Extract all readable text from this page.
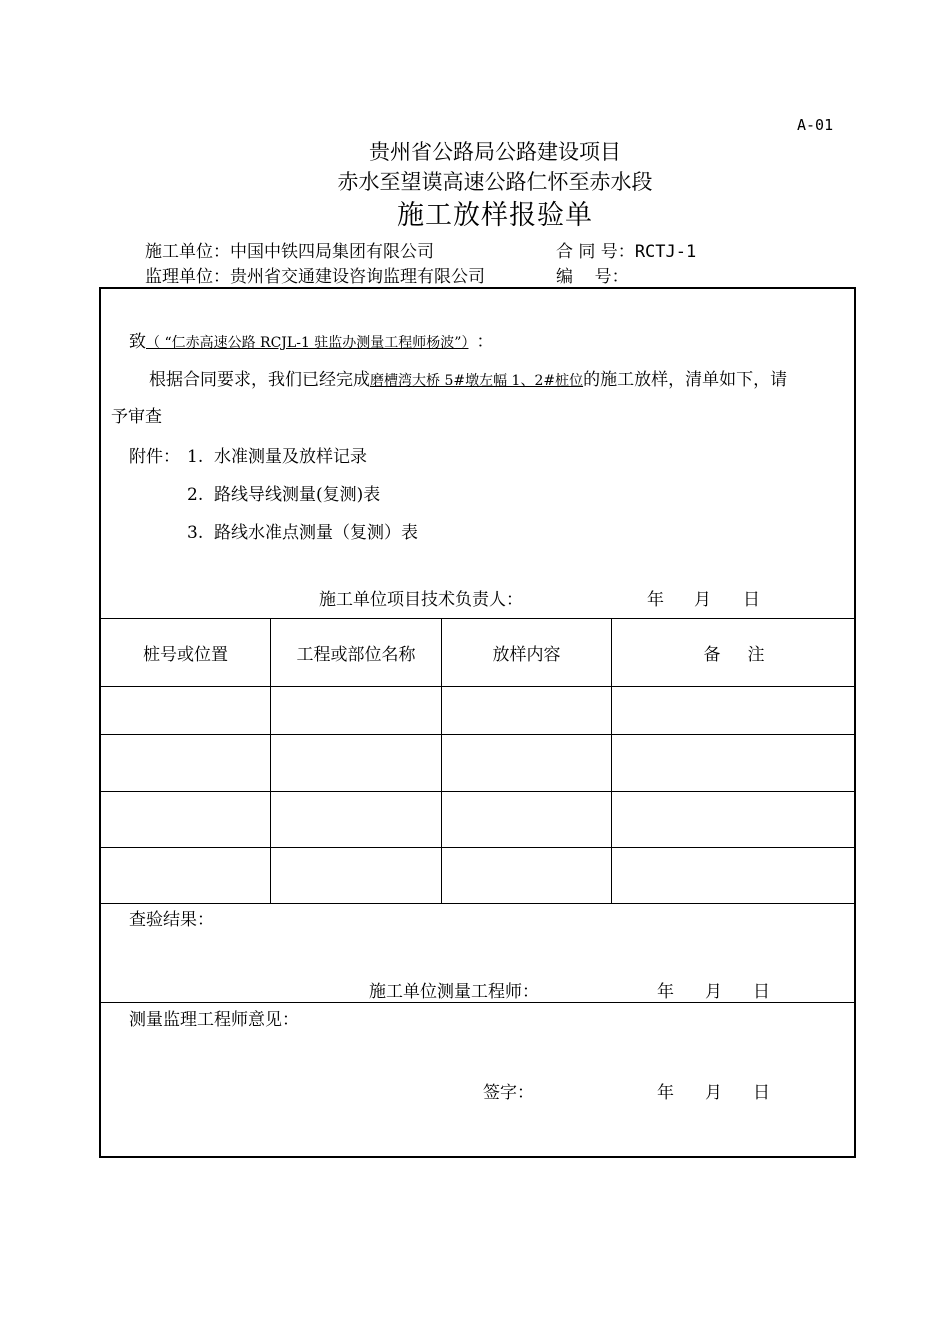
A-01
贵州省公路局公路建设项目
赤水至望谟高速公路仁怀至赤水段
施工放样报验单
施工单位：中国中铁四局集团有限公司	合 同 号：RCTJ-1
监理单位：贵州省交通建设咨询监理有限公司	编    号：
致（ “仁赤高速公路 RCJL-1 驻监办测量工程师杨波”） ：
根据合同要求，我们已经完成磨槽湾大桥 5#墩左幅 1、2#桩位的施工放样，清单如下，请
予审查
附件： 1.  水准测量及放样记录
2.  路线导线测量(复测)表
3.  路线水准点测量（复测）表
施工单位项目技术负责人：	年 月 日
桩号或位置	工程或部位名称	放样内容	备     注
查验结果：
施工单位测量工程师：	年 月 日
测量监理工程师意见：
签字：	年 月 日
